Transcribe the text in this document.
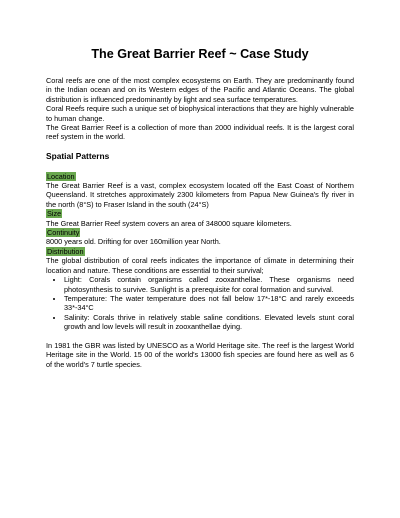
The Great Barrier Reef ~ Case Study

Coral reefs are one of the most complex ecosystems on Earth. They are predominantly found in the Indian ocean and on its Western edges of the Pacific and Atlantic Oceans. The global distribution is influenced predominantly by light and sea surface temperatures.

Coral Reefs require such a unique set of biophysical interactions that they are highly vulnerable to human change.

The Great Barrier Reef is a collection of more than 2000 individual reefs. It is the largest coral reef system in the world.

Spatial Patterns

Location

The Great Barrier Reef is a vast, complex ecosystem located off the East Coast of Northern Queensland. It stretches approximately 2300 kilometers from Papua New Guinea's fly river in the north (8°S) to Fraser Island in the south (24°S)

Size

The Great Barrier Reef system covers an area of 348000 square kilometers.

Continuity

8000 years old. Drifting for over 160million year North.

Distribution

The global distribution of coral reefs indicates the importance of climate in determining their location and nature. These conditions are essential to their survival;

• Light: Corals contain organisms called zooxanthellae. These organisms need photosynthesis to survive. Sunlight is a prerequisite for coral formation and survival.
• Temperature: The water temperature does not fall below 17*-18°C and rarely exceeds 33*-34°C
• Salinity: Corals thrive in relatively stable saline conditions. Elevated levels stunt coral growth and low levels will result in zooxanthellae dying.

In 1981 the GBR was listed by UNESCO as a World Heritage site. The reef is the largest World Heritage site in the World. 15 00 of the world's 13000 fish species are found here as well as 6 of the world's 7 turtle species.
